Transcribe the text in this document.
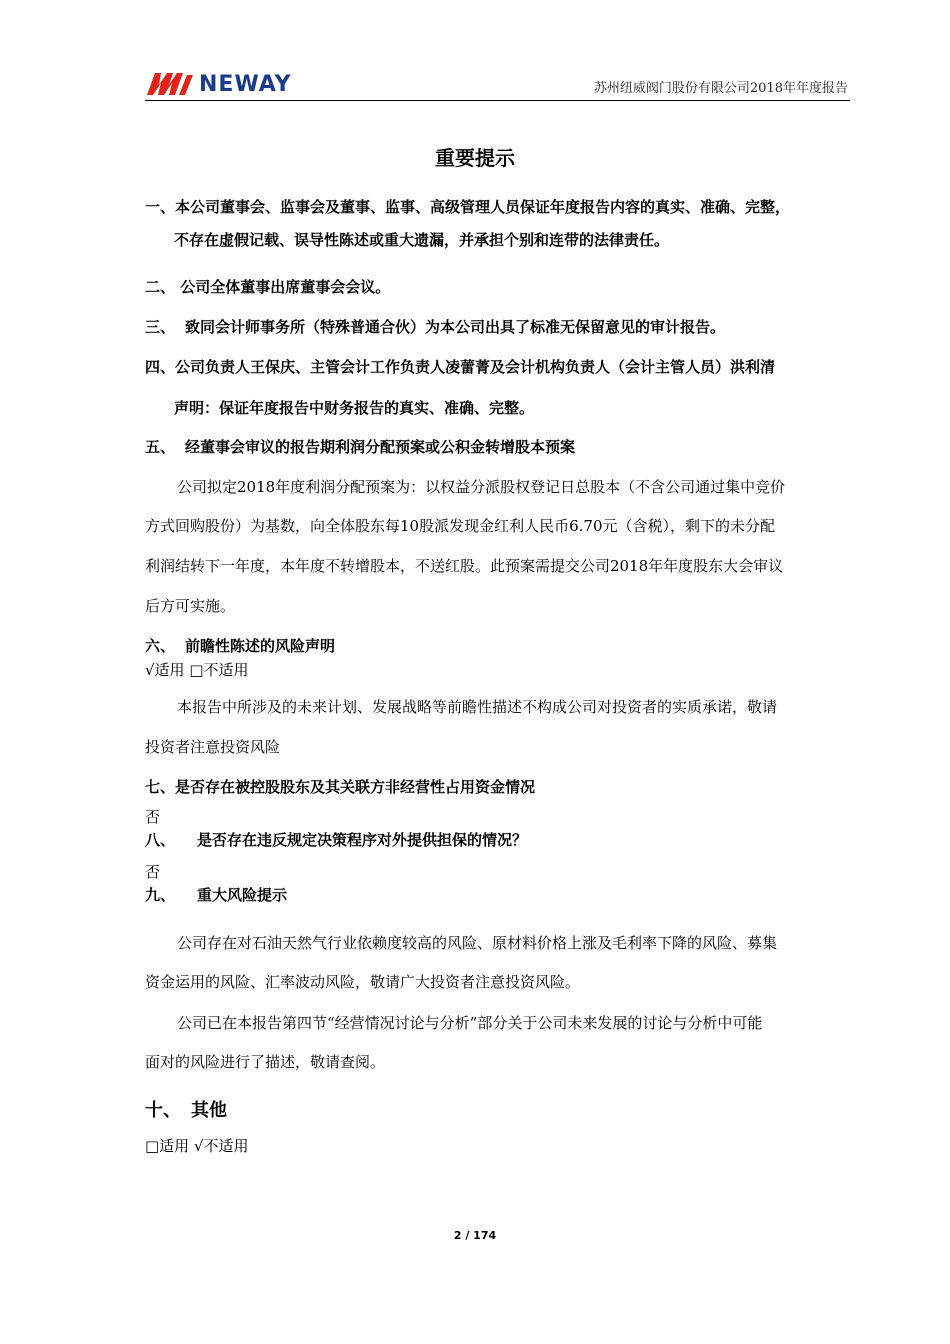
NEWAY	苏州纽威阀门股份有限公司2018年年度报告
重要提示
一、本公司董事会、监事会及董事、监事、高级管理人员保证年度报告内容的真实、准确、完整，
不存在虚假记载、误导性陈述或重大遗漏，并承担个别和连带的法律责任。
二、 公司全体董事出席董事会会议。
三、 致同会计师事务所（特殊普通合伙）为本公司出具了标准无保留意见的审计报告。
四、公司负责人王保庆、主管会计工作负责人凌蕾菁及会计机构负责人（会计主管人员）洪利清
声明：保证年度报告中财务报告的真实、准确、完整。
五、 经董事会审议的报告期利润分配预案或公积金转增股本预案
公司拟定2018年度利润分配预案为：以权益分派股权登记日总股本（不含公司通过集中竞价
方式回购股份）为基数，向全体股东每10股派发现金红利人民币6.70元（含税），剩下的未分配
利润结转下一年度，本年度不转增股本，不送红股。此预案需提交公司2018年年度股东大会审议
后方可实施。
六、 前瞻性陈述的风险声明
√适用 □不适用
本报告中所涉及的未来计划、发展战略等前瞻性描述不构成公司对投资者的实质承诺，敬请
投资者注意投资风险
七、是否存在被控股股东及其关联方非经营性占用资金情况
否
八、 是否存在违反规定决策程序对外提供担保的情况？
否
九、 重大风险提示
公司存在对石油天然气行业依赖度较高的风险、原材料价格上涨及毛利率下降的风险、募集
资金运用的风险、汇率波动风险，敬请广大投资者注意投资风险。
公司已在本报告第四节“经营情况讨论与分析”部分关于公司未来发展的讨论与分析中可能
面对的风险进行了描述，敬请查阅。
十、 其他
□适用 √不适用
2 / 174
